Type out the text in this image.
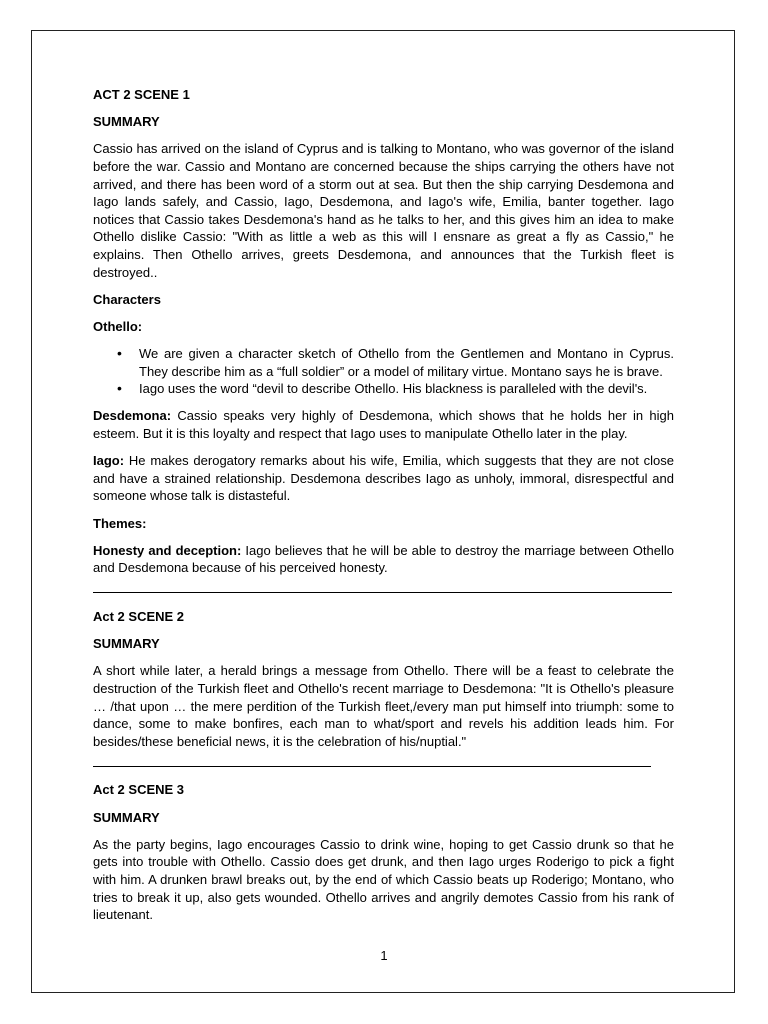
ACT 2 SCENE 1
SUMMARY

Cassio has arrived on the island of Cyprus and is talking to Montano, who was governor of the island before the war. Cassio and Montano are concerned because the ships carrying the others have not arrived, and there has been word of a storm out at sea. But then the ship carrying Desdemona and Iago lands safely, and Cassio, Iago, Desdemona, and Iago's wife, Emilia, banter together. Iago notices that Cassio takes Desdemona's hand as he talks to her, and this gives him an idea to make Othello dislike Cassio: "With as little a web as this will I ensnare as great a fly as Cassio," he explains. Then Othello arrives, greets Desdemona, and announces that the Turkish fleet is destroyed..

Characters
Othello:
• We are given a character sketch of Othello from the Gentlemen and Montano in Cyprus. They describe him as a “full soldier” or a model of military virtue. Montano says he is brave.
• Iago uses the word “devil to describe Othello. His blackness is paralleled with the devil's.

Desdemona: Cassio speaks very highly of Desdemona, which shows that he holds her in high esteem. But it is this loyalty and respect that Iago uses to manipulate Othello later in the play.

Iago: He makes derogatory remarks about his wife, Emilia, which suggests that they are not close and have a strained relationship. Desdemona describes Iago as unholy, immoral, disrespectful and someone whose talk is distasteful.

Themes:

Honesty and deception: Iago believes that he will be able to destroy the marriage between Othello and Desdemona because of his perceived honesty.

Act 2 SCENE 2
SUMMARY

A short while later, a herald brings a message from Othello. There will be a feast to celebrate the destruction of the Turkish fleet and Othello's recent marriage to Desdemona: "It is Othello's pleasure … /that upon … the mere perdition of the Turkish fleet,/every man put himself into triumph: some to dance, some to make bonfires, each man to what/sport and revels his addition leads him. For besides/these beneficial news, it is the celebration of his/nuptial."

Act 2 SCENE 3
SUMMARY

As the party begins, Iago encourages Cassio to drink wine, hoping to get Cassio drunk so that he gets into trouble with Othello. Cassio does get drunk, and then Iago urges Roderigo to pick a fight with him. A drunken brawl breaks out, by the end of which Cassio beats up Roderigo; Montano, who tries to break it up, also gets wounded. Othello arrives and angrily demotes Cassio from his rank of lieutenant.

1
